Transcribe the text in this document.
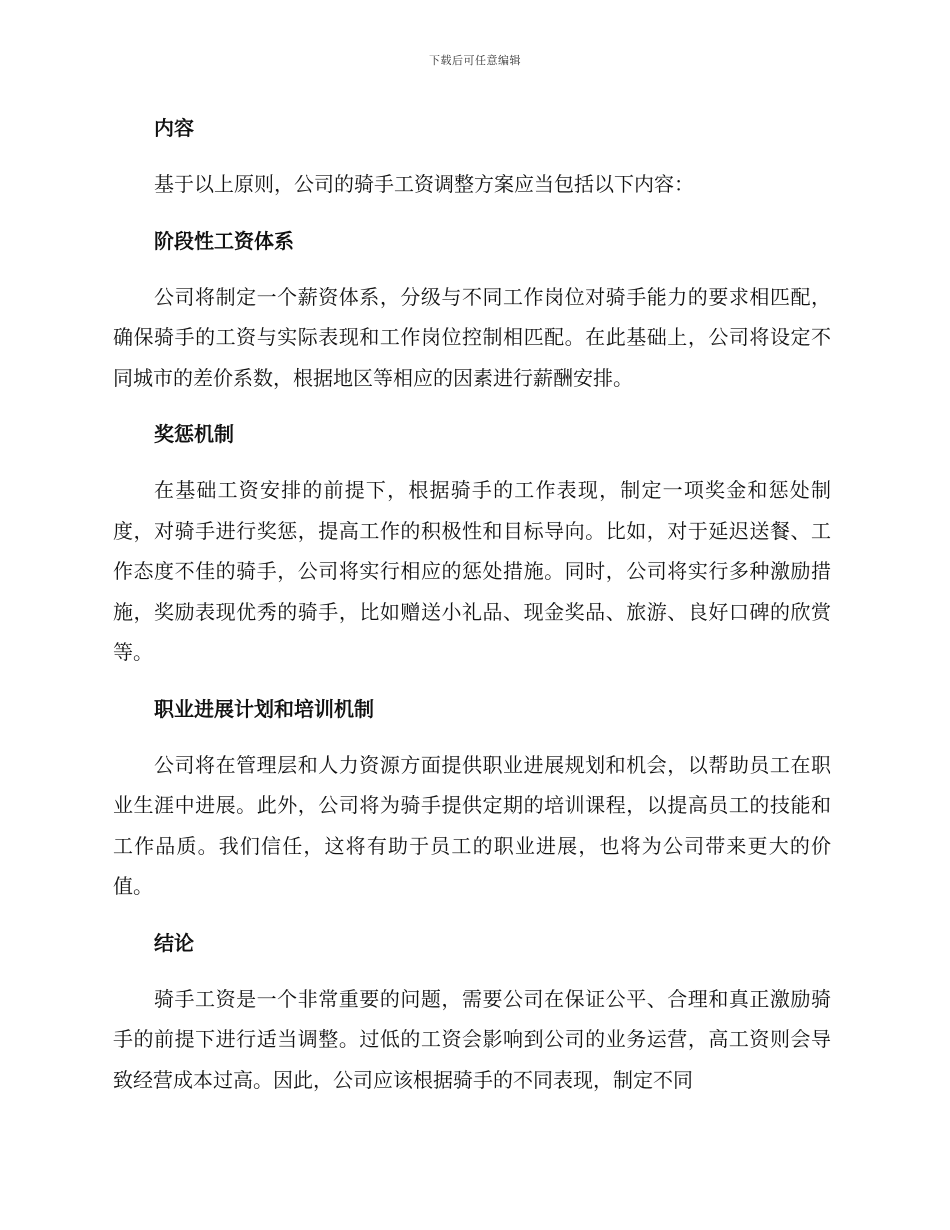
下载后可任意编辑
内容

基于以上原则，公司的骑手工资调整方案应当包括以下内容：

阶段性工资体系

公司将制定一个薪资体系，分级与不同工作岗位对骑手能力的要求相匹配，确保骑手的工资与实际表现和工作岗位控制相匹配。在此基础上，公司将设定不同城市的差价系数，根据地区等相应的因素进行薪酬安排。

奖惩机制

在基础工资安排的前提下，根据骑手的工作表现，制定一项奖金和惩处制度，对骑手进行奖惩，提高工作的积极性和目标导向。比如，对于延迟送餐、工作态度不佳的骑手，公司将实行相应的惩处措施。同时，公司将实行多种激励措施，奖励表现优秀的骑手，比如赠送小礼品、现金奖品、旅游、良好口碑的欣赏等。

职业进展计划和培训机制

公司将在管理层和人力资源方面提供职业进展规划和机会，以帮助员工在职业生涯中进展。此外，公司将为骑手提供定期的培训课程，以提高员工的技能和工作品质。我们信任，这将有助于员工的职业进展，也将为公司带来更大的价值。

结论

骑手工资是一个非常重要的问题，需要公司在保证公平、合理和真正激励骑手的前提下进行适当调整。过低的工资会影响到公司的业务运营，高工资则会导致经营成本过高。因此，公司应该根据骑手的不同表现，制定不同
